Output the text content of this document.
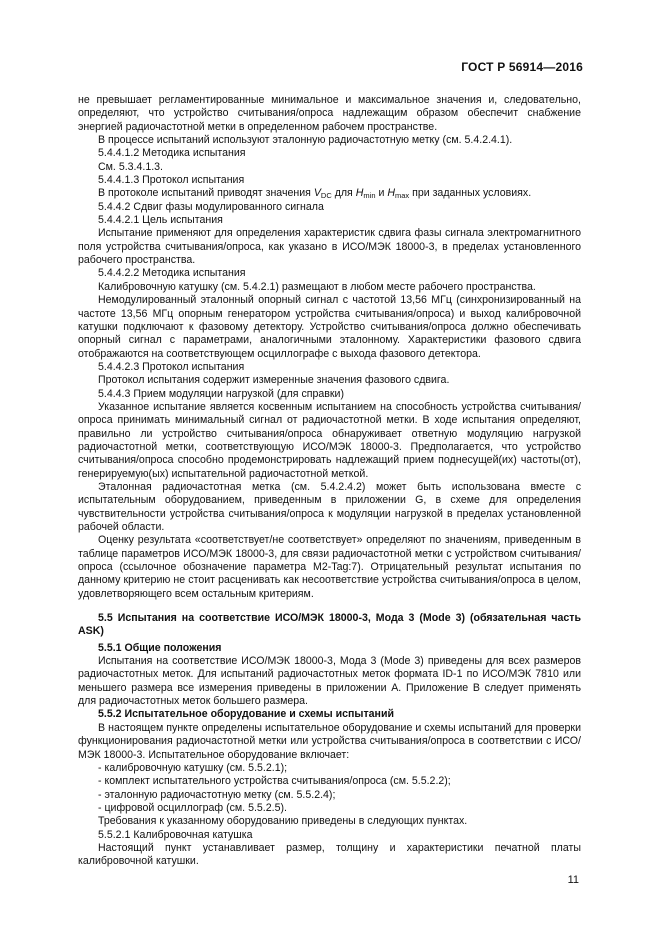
ГОСТ Р 56914—2016

не превышает регламентированные минимальное и максимальное значения и, следовательно, определяют, что устройство считывания/опроса надлежащим образом обеспечит снабжение энергией радиочастотной метки в определенном рабочем пространстве.

В процессе испытаний используют эталонную радиочастотную метку (см. 5.4.2.4.1).

5.4.4.1.2 Методика испытания

См. 5.3.4.1.3.

5.4.4.1.3 Протокол испытания

В протоколе испытаний приводят значения $V_{DC}$ для $H_{min}$ и $H_{max}$ при заданных условиях.

5.4.4.2 Сдвиг фазы модулированного сигнала

5.4.4.2.1 Цель испытания

Испытание применяют для определения характеристик сдвига фазы сигнала электромагнитного поля устройства считывания/опроса, как указано в ИСО/МЭК 18000-3, в пределах установленного рабочего пространства.

5.4.4.2.2 Методика испытания

Калибровочную катушку (см. 5.4.2.1) размещают в любом месте рабочего пространства.

Немодулированный эталонный опорный сигнал с частотой 13,56 МГц (синхронизированный на частоте 13,56 МГц опорным генератором устройства считывания/опроса) и выход калибровочной катушки подключают к фазовому детектору. Устройство считывания/опроса должно обеспечивать опорный сигнал с параметрами, аналогичными эталонному. Характеристики фазового сдвига отображаются на соответствующем осциллографе с выхода фазового детектора.

5.4.4.2.3 Протокол испытания

Протокол испытания содержит измеренные значения фазового сдвига.

5.4.4.3 Прием модуляции нагрузкой (для справки)

Указанное испытание является косвенным испытанием на способность устройства считывания/опроса принимать минимальный сигнал от радиочастотной метки. В ходе испытания определяют, правильно ли устройство считывания/опроса обнаруживает ответную модуляцию нагрузкой радиочастотной метки, соответствующую ИСО/МЭК 18000-3. Предполагается, что устройство считывания/опроса способно продемонстрировать надлежащий прием поднесущей(их) частоты(от), генерируемую(ых) испытательной радиочастотной меткой.

Эталонная радиочастотная метка (см. 5.4.2.4.2) может быть использована вместе с испытательным оборудованием, приведенным в приложении G, в схеме для определения чувствительности устройства считывания/опроса к модуляции нагрузкой в пределах установленной рабочей области.

Оценку результата «соответствует/не соответствует» определяют по значениям, приведенным в таблице параметров ИСО/МЭК 18000-3, для связи радиочастотной метки с устройством считывания/опроса (ссылочное обозначение параметра M2-Tag:7). Отрицательный результат испытания по данному критерию не стоит расценивать как несоответствие устройства считывания/опроса в целом, удовлетворяющего всем остальным критериям.

5.5 Испытания на соответствие ИСО/МЭК 18000-3, Мода 3 (Mode 3) (обязательная часть ASK)

5.5.1 Общие положения

Испытания на соответствие ИСО/МЭК 18000-3, Мода 3 (Mode 3) приведены для всех размеров радиочастотных меток. Для испытаний радиочастотных меток формата ID-1 по ИСО/МЭК 7810 или меньшего размера все измерения приведены в приложении А. Приложение В следует применять для радиочастотных меток большего размера.

5.5.2 Испытательное оборудование и схемы испытаний

В настоящем пункте определены испытательное оборудование и схемы испытаний для проверки функционирования радиочастотной метки или устройства считывания/опроса в соответствии с ИСО/МЭК 18000-3. Испытательное оборудование включает:

- калибровочную катушку (см. 5.5.2.1);

- комплект испытательного устройства считывания/опроса (см. 5.5.2.2);

- эталонную радиочастотную метку (см. 5.5.2.4);

- цифровой осциллограф (см. 5.5.2.5).

Требования к указанному оборудованию приведены в следующих пунктах.

5.5.2.1 Калибровочная катушка

Настоящий пункт устанавливает размер, толщину и характеристики печатной платы калибровочной катушки.

11
